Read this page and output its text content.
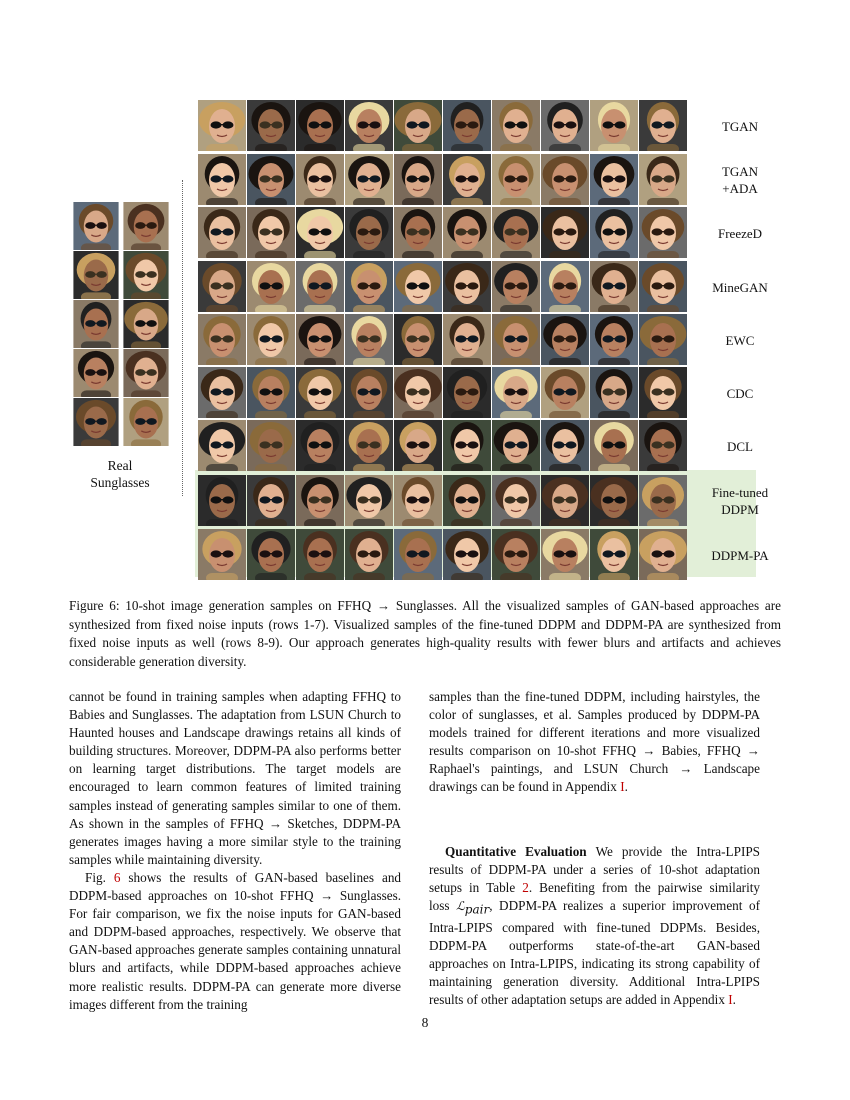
Real
Sunglasses
TGAN
TGAN
+ADA
FreezeD
MineGAN
EWC
CDC
DCL
Fine-tuned
DDPM
DDPM-PA
Figure 6: 10-shot image generation samples on FFHQ → Sunglasses. All the visualized samples of GAN-based approaches are synthesized from fixed noise inputs (rows 1-7). Visualized samples of the fine-tuned DDPM and DDPM-PA are synthesized from fixed noise inputs as well (rows 8-9). Our approach generates high-quality results with fewer blurs and artifacts and achieves considerable generation diversity.

cannot be found in training samples when adapting FFHQ to Babies and Sunglasses. The adaptation from LSUN Church to Haunted houses and Landscape drawings retains all kinds of building structures. Moreover, DDPM-PA also performs better on learning target distributions. The target models are encouraged to learn common features of limited training samples instead of generating samples similar to one of them. As shown in the samples of FFHQ → Sketches, DDPM-PA generates images having a more similar style to the training samples while maintaining diversity.

Fig. 6 shows the results of GAN-based baselines and DDPM-based approaches on 10-shot FFHQ → Sunglasses. For fair comparison, we fix the noise inputs for GAN-based and DDPM-based approaches, respectively. We observe that GAN-based approaches generate samples containing unnatural blurs and artifacts, while DDPM-based approaches achieve more realistic results. DDPM-PA can generate more diverse images different from the training

samples than the fine-tuned DDPM, including hairstyles, the color of sunglasses, et al. Samples produced by DDPM-PA models trained for different iterations and more visualized results comparison on 10-shot FFHQ → Babies, FFHQ → Raphael's paintings, and LSUN Church → Landscape drawings can be found in Appendix I.

Quantitative Evaluation We provide the Intra-LPIPS results of DDPM-PA under a series of 10-shot adaptation setups in Table 2. Benefiting from the pairwise similarity loss ℒ$_{pair}$, DDPM-PA realizes a superior improvement of Intra-LPIPS compared with fine-tuned DDPMs. Besides, DDPM-PA outperforms state-of-the-art GAN-based approaches on Intra-LPIPS, indicating its strong capability of maintaining generation diversity. Additional Intra-LPIPS results of other adaptation setups are added in Appendix I.

8
